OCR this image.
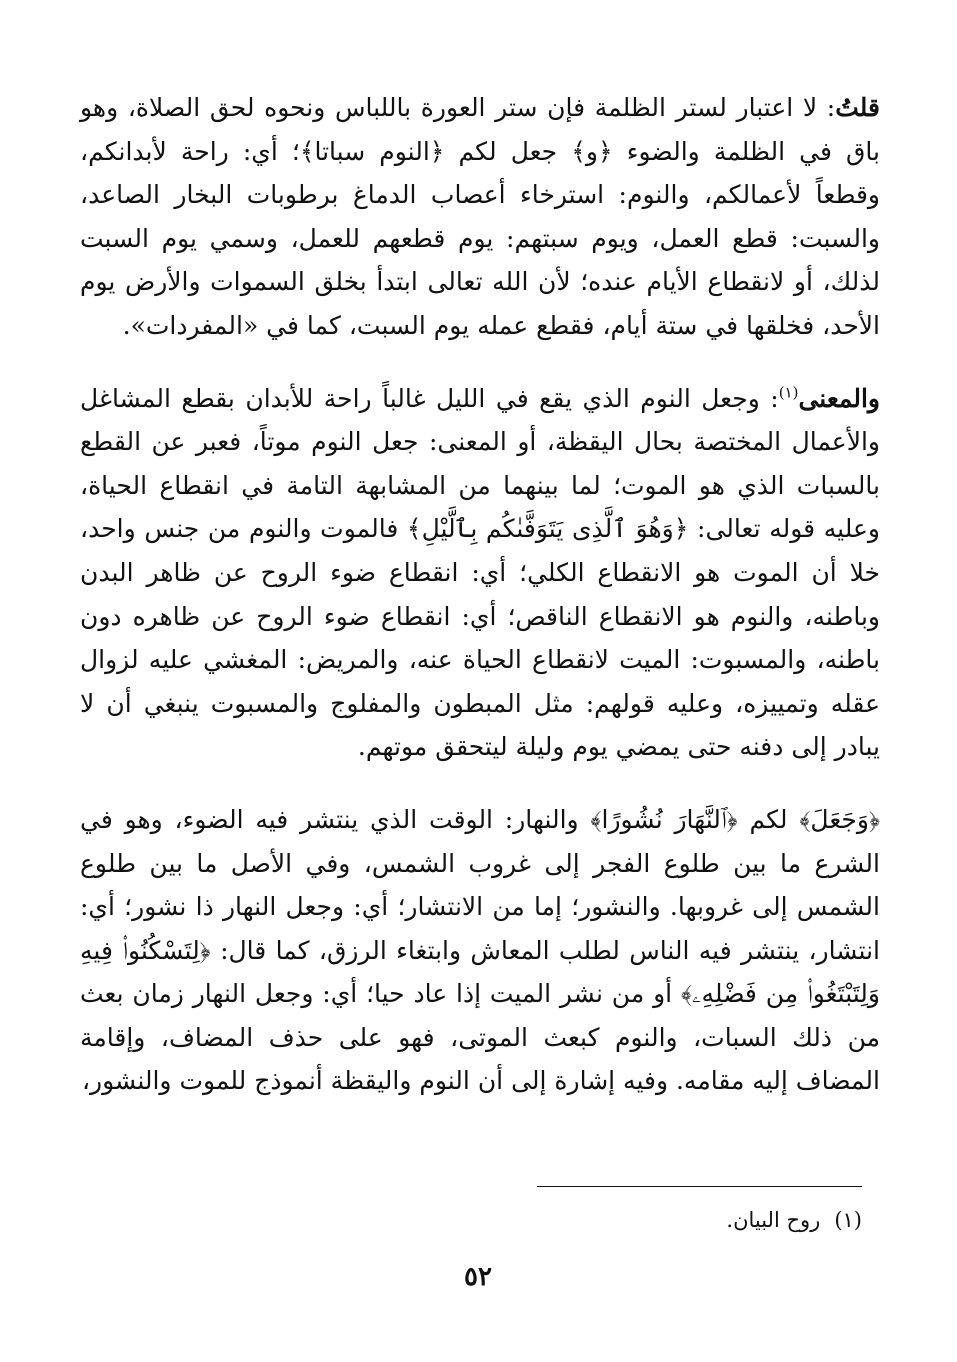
قلتُ: لا اعتبار لستر الظلمة فإن ستر العورة باللباس ونحوه لحق الصلاة، وهو باق في الظلمة والضوء ﴿و﴾ جعل لكم ﴿النوم سباتا﴾؛ أي: راحة لأبدانكم، وقطعاً لأعمالكم، والنوم: استرخاء أعصاب الدماغ برطوبات البخار الصاعد، والسبت: قطع العمل، ويوم سبتهم: يوم قطعهم للعمل، وسمي يوم السبت لذلك، أو لانقطاع الأيام عنده؛ لأن الله تعالى ابتدأ بخلق السموات والأرض يوم الأحد، فخلقها في ستة أيام، فقطع عمله يوم السبت، كما في «المفردات».

والمعنى$^{(١)}$: وجعل النوم الذي يقع في الليل غالباً راحة للأبدان بقطع المشاغل والأعمال المختصة بحال اليقظة، أو المعنى: جعل النوم موتاً، فعبر عن القطع بالسبات الذي هو الموت؛ لما بينهما من المشابهة التامة في انقطاع الحياة، وعليه قوله تعالى: ﴿وَهُوَ ٱلَّذِى يَتَوَفَّىٰكُم بِٱلَّيْلِ﴾ فالموت والنوم من جنس واحد، خلا أن الموت هو الانقطاع الكلي؛ أي: انقطاع ضوء الروح عن ظاهر البدن وباطنه، والنوم هو الانقطاع الناقص؛ أي: انقطاع ضوء الروح عن ظاهره دون باطنه، والمسبوت: الميت لانقطاع الحياة عنه، والمريض: المغشي عليه لزوال عقله وتمييزه، وعليه قولهم: مثل المبطون والمفلوج والمسبوت ينبغي أن لا يبادر إلى دفنه حتى يمضي يوم وليلة ليتحقق موتهم.

﴿وَجَعَلَ﴾ لكم ﴿ٱلنَّهَارَ نُشُورًا﴾ والنهار: الوقت الذي ينتشر فيه الضوء، وهو في الشرع ما بين طلوع الفجر إلى غروب الشمس، وفي الأصل ما بين طلوع الشمس إلى غروبها. والنشور؛ إما من الانتشار؛ أي: وجعل النهار ذا نشور؛ أي: انتشار، ينتشر فيه الناس لطلب المعاش وابتغاء الرزق، كما قال: ﴿لِتَسْكُنُوا۟ فِيهِ وَلِتَبْتَغُوا۟ مِن فَضْلِهِۦ﴾ أو من نشر الميت إذا عاد حيا؛ أي: وجعل النهار زمان بعث من ذلك السبات، والنوم كبعث الموتى، فهو على حذف المضاف، وإقامة المضاف إليه مقامه. وفيه إشارة إلى أن النوم واليقظة أنموذج للموت والنشور،

(١)روح البيان.
٥٢
